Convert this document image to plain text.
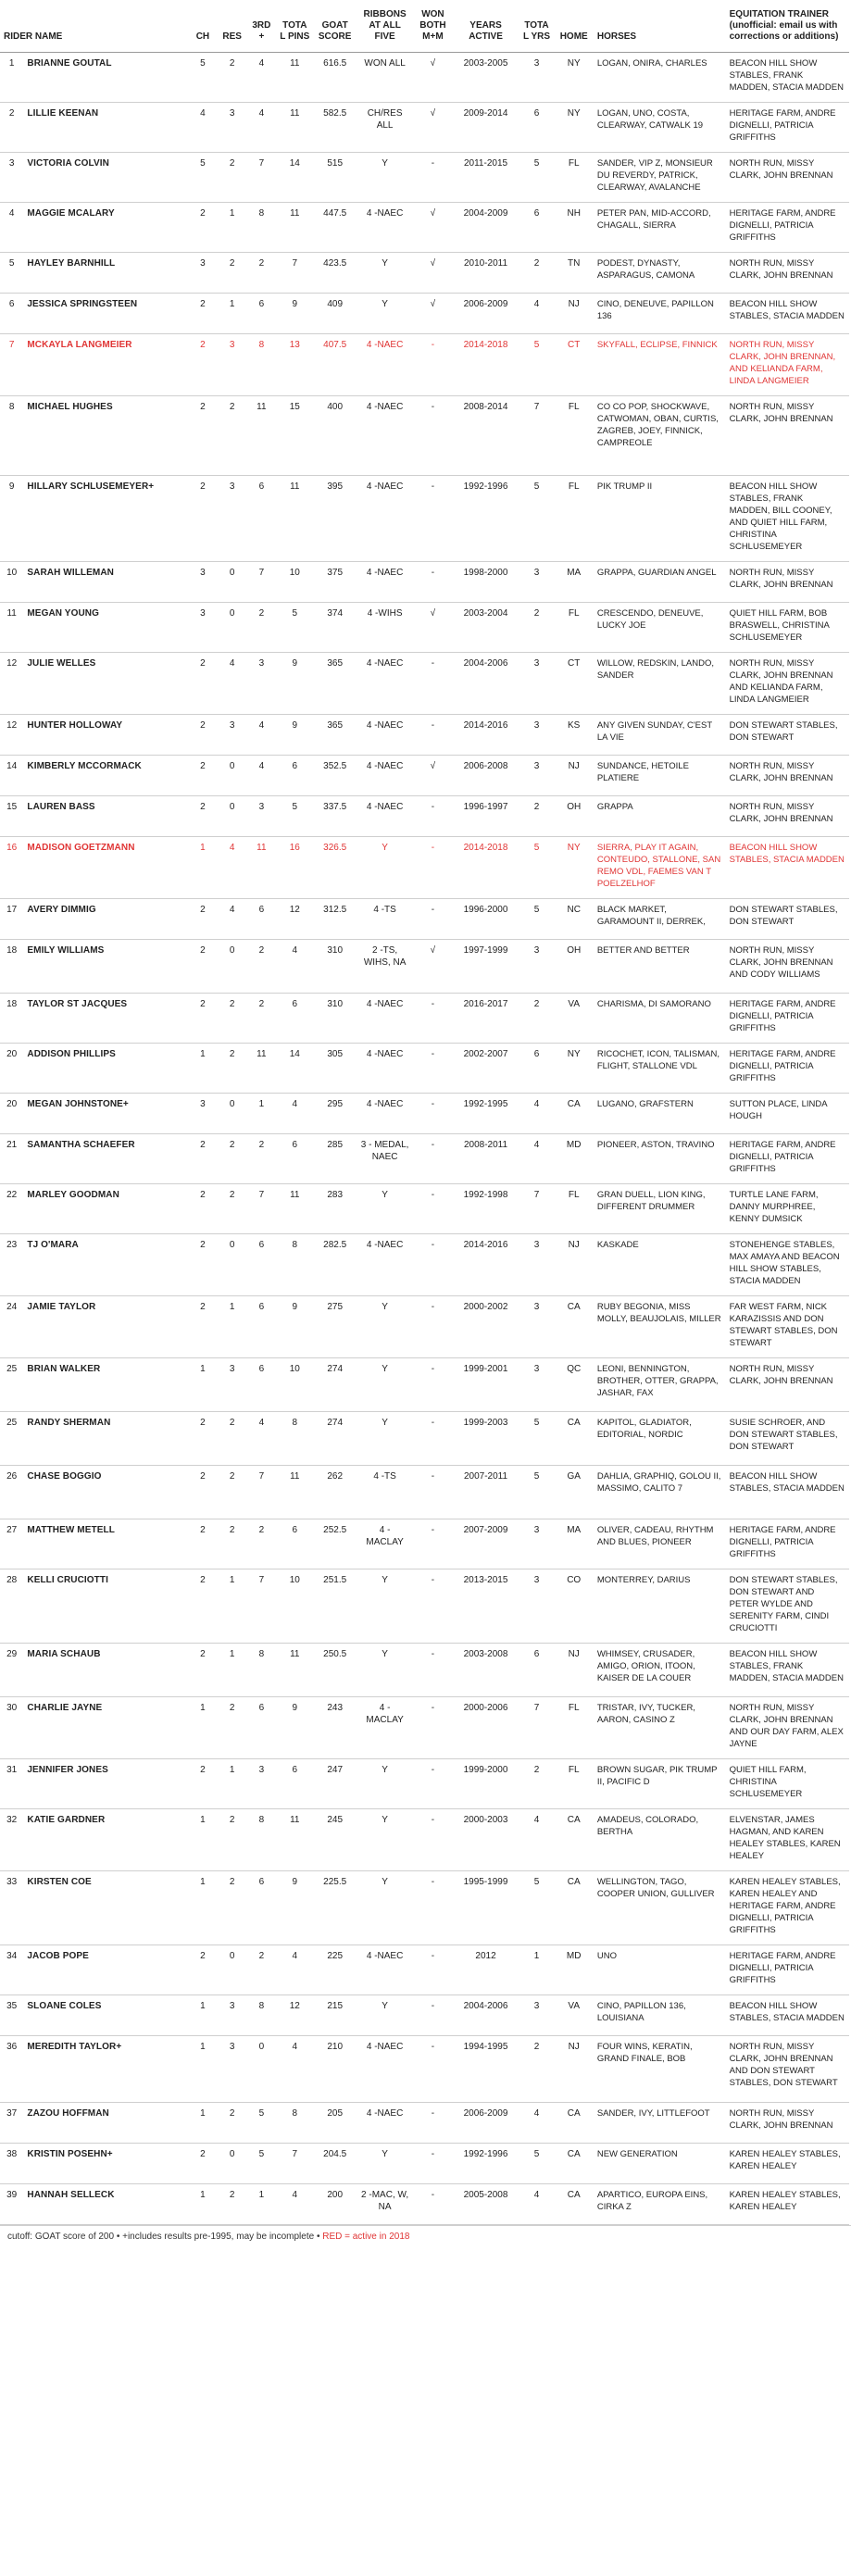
RIDER NAME		CH	RES	3RD +	TOTAL PINS	GOAT SCORE	RIBBONS AT ALL FIVE	WON BOTH M+M	YEARS ACTIVE	TOTAL YRS	HOME	HORSES	EQUITATION TRAINER (unofficial: email us with corrections or additions)
1	BRIANNE GOUTAL	5	2	4	11	616.5	WON ALL	√	2003-2005	3	NY	LOGAN, ONIRA, CHARLES	BEACON HILL SHOW STABLES, FRANK MADDEN, STACIA MADDEN
2	LILLIE KEENAN	4	3	4	11	582.5	CH/RES ALL	√	2009-2014	6	NY	LOGAN, UNO, COSTA, CLEARWAY, CATWALK 19	HERITAGE FARM, ANDRE DIGNELLI, PATRICIA GRIFFITHS
3	VICTORIA COLVIN	5	2	7	14	515	Y	-	2011-2015	5	FL	SANDER, VIP Z, MONSIEUR DU REVERDY, PATRICK, CLEARWAY, AVALANCHE	NORTH RUN, MISSY CLARK, JOHN BRENNAN
4	MAGGIE MCALARY	2	1	8	11	447.5	4 -NAEC	√	2004-2009	6	NH	PETER PAN, MID-ACCORD, CHAGALL, SIERRA	HERITAGE FARM, ANDRE DIGNELLI, PATRICIA GRIFFITHS
5	HAYLEY BARNHILL	3	2	2	7	423.5	Y	√	2010-2011	2	TN	PODEST, DYNASTY, ASPARAGUS, CAMONA	NORTH RUN, MISSY CLARK, JOHN BRENNAN
6	JESSICA SPRINGSTEEN	2	1	6	9	409	Y	√	2006-2009	4	NJ	CINO, DENEUVE, PAPILLON 136	BEACON HILL SHOW STABLES, STACIA MADDEN
7	MCKAYLA LANGMEIER	2	3	8	13	407.5	4 -NAEC	-	2014-2018	5	CT	SKYFALL, ECLIPSE, FINNICK	NORTH RUN, MISSY CLARK, JOHN BRENNAN, AND KELIANDA FARM, LINDA LANGMEIER
8	MICHAEL HUGHES	2	2	11	15	400	4 -NAEC	-	2008-2014	7	FL	CO CO POP, SHOCKWAVE, CATWOMAN, OBAN, CURTIS, ZAGREB, JOEY, FINNICK, CAMPREOLE	NORTH RUN, MISSY CLARK, JOHN BRENNAN
9	HILLARY SCHLUSEMEYER+	2	3	6	11	395	4 -NAEC	-	1992-1996	5	FL	PIK TRUMP II	BEACON HILL SHOW STABLES, FRANK MADDEN, BILL COONEY, AND QUIET HILL FARM, CHRISTINA SCHLUSEMEYER
10	SARAH WILLEMAN	3	0	7	10	375	4 -NAEC	-	1998-2000	3	MA	GRAPPA, GUARDIAN ANGEL	NORTH RUN, MISSY CLARK, JOHN BRENNAN
11	MEGAN YOUNG	3	0	2	5	374	4 -WIHS	√	2003-2004	2	FL	CRESCENDO, DENEUVE, LUCKY JOE	QUIET HILL FARM, BOB BRASWELL, CHRISTINA SCHLUSEMEYER
12	JULIE WELLES	2	4	3	9	365	4 -NAEC	-	2004-2006	3	CT	WILLOW, REDSKIN, LANDO, SANDER	NORTH RUN, MISSY CLARK, JOHN BRENNAN AND KELIANDA FARM, LINDA LANGMEIER
12	HUNTER HOLLOWAY	2	3	4	9	365	4 -NAEC	-	2014-2016	3	KS	ANY GIVEN SUNDAY, C'EST LA VIE	DON STEWART STABLES, DON STEWART
14	KIMBERLY MCCORMACK	2	0	4	6	352.5	4 -NAEC	√	2006-2008	3	NJ	SUNDANCE, HETOILE PLATIERE	NORTH RUN, MISSY CLARK, JOHN BRENNAN
15	LAUREN BASS	2	0	3	5	337.5	4 -NAEC	-	1996-1997	2	OH	GRAPPA	NORTH RUN, MISSY CLARK, JOHN BRENNAN
16	MADISON GOETZMANN	1	4	11	16	326.5	Y	-	2014-2018	5	NY	SIERRA, PLAY IT AGAIN, CONTEUDO, STALLONE, SAN REMO VDL, FAEMES VAN T POELZELHOF	BEACON HILL SHOW STABLES, STACIA MADDEN
17	AVERY DIMMIG	2	4	6	12	312.5	4 -TS	-	1996-2000	5	NC	BLACK MARKET, GARAMOUNT II, DERREK,	DON STEWART STABLES, DON STEWART
18	EMILY WILLIAMS	2	0	2	4	310	2 -TS, WIHS, NA	√	1997-1999	3	OH	BETTER AND BETTER	NORTH RUN, MISSY CLARK, JOHN BRENNAN AND CODY WILLIAMS
18	TAYLOR ST JACQUES	2	2	2	6	310	4 -NAEC	-	2016-2017	2	VA	CHARISMA, DI SAMORANO	HERITAGE FARM, ANDRE DIGNELLI, PATRICIA GRIFFITHS
20	ADDISON PHILLIPS	1	2	11	14	305	4 -NAEC	-	2002-2007	6	NY	RICOCHET, ICON, TALISMAN, FLIGHT, STALLONE VDL	HERITAGE FARM, ANDRE DIGNELLI, PATRICIA GRIFFITHS
20	MEGAN JOHNSTONE+	3	0	1	4	295	4 -NAEC	-	1992-1995	4	CA	LUGANO, GRAFSTERN	SUTTON PLACE, LINDA HOUGH
21	SAMANTHA SCHAEFER	2	2	2	6	285	3 - MEDAL, NAEC	-	2008-2011	4	MD	PIONEER, ASTON, TRAVINO	HERITAGE FARM, ANDRE DIGNELLI, PATRICIA GRIFFITHS
22	MARLEY GOODMAN	2	2	7	11	283	Y	-	1992-1998	7	FL	GRAN DUELL, LION KING, DIFFERENT DRUMMER	TURTLE LANE FARM, DANNY MURPHREE, KENNY DUMSICK
23	TJ O'MARA	2	0	6	8	282.5	4 -NAEC	-	2014-2016	3	NJ	KASKADE	STONEHENGE STABLES, MAX AMAYA AND BEACON HILL SHOW STABLES, STACIA MADDEN
24	JAMIE TAYLOR	2	1	6	9	275	Y	-	2000-2002	3	CA	RUBY BEGONIA, MISS MOLLY, BEAUJOLAIS, MILLER	FAR WEST FARM, NICK KARAZISSIS AND DON STEWART STABLES, DON STEWART
25	BRIAN WALKER	1	3	6	10	274	Y	-	1999-2001	3	QC	LEONI, BENNINGTON, BROTHER, OTTER, GRAPPA, JASHAR, FAX	NORTH RUN, MISSY CLARK, JOHN BRENNAN
25	RANDY SHERMAN	2	2	4	8	274	Y	-	1999-2003	5	CA	KAPITOL, GLADIATOR, EDITORIAL, NORDIC	SUSIE SCHROER, AND DON STEWART STABLES, DON STEWART
26	CHASE BOGGIO	2	2	7	11	262	4 -TS	-	2007-2011	5	GA	DAHLIA, GRAPHIQ, GOLOU II, MASSIMO, CALITO 7	BEACON HILL SHOW STABLES, STACIA MADDEN
27	MATTHEW METELL	2	2	2	6	252.5	4 - MACLAY	-	2007-2009	3	MA	OLIVER, CADEAU, RHYTHM AND BLUES, PIONEER	HERITAGE FARM, ANDRE DIGNELLI, PATRICIA GRIFFITHS
28	KELLI CRUCIOTTI	2	1	7	10	251.5	Y	-	2013-2015	3	CO	MONTERREY, DARIUS	DON STEWART STABLES, DON STEWART AND PETER WYLDE AND SERENITY FARM, CINDI CRUCIOTTI
29	MARIA SCHAUB	2	1	8	11	250.5	Y	-	2003-2008	6	NJ	WHIMSEY, CRUSADER, AMIGO, ORION, ITOON, KAISER DE LA COUER	BEACON HILL SHOW STABLES, FRANK MADDEN, STACIA MADDEN
30	CHARLIE JAYNE	1	2	6	9	243	4 - MACLAY	-	2000-2006	7	FL	TRISTAR, IVY, TUCKER, AARON, CASINO Z	NORTH RUN, MISSY CLARK, JOHN BRENNAN AND OUR DAY FARM, ALEX JAYNE
31	JENNIFER JONES	2	1	3	6	247	Y	-	1999-2000	2	FL	BROWN SUGAR, PIK TRUMP II, PACIFIC D	QUIET HILL FARM, CHRISTINA SCHLUSEMEYER
32	KATIE GARDNER	1	2	8	11	245	Y	-	2000-2003	4	CA	AMADEUS, COLORADO, BERTHA	ELVENSTAR, JAMES HAGMAN, AND KAREN HEALEY STABLES, KAREN HEALEY
33	KIRSTEN COE	1	2	6	9	225.5	Y	-	1995-1999	5	CA	WELLINGTON, TAGO, COOPER UNION, GULLIVER	KAREN HEALEY STABLES, KAREN HEALEY AND HERITAGE FARM, ANDRE DIGNELLI, PATRICIA GRIFFITHS
34	JACOB POPE	2	0	2	4	225	4 -NAEC	-	2012	1	MD	UNO	HERITAGE FARM, ANDRE DIGNELLI, PATRICIA GRIFFITHS
35	SLOANE COLES	1	3	8	12	215	Y	-	2004-2006	3	VA	CINO, PAPILLON 136, LOUISIANA	BEACON HILL SHOW STABLES, STACIA MADDEN
36	MEREDITH TAYLOR+	1	3	0	4	210	4 -NAEC	-	1994-1995	2	NJ	FOUR WINS, KERATIN, GRAND FINALE, BOB	NORTH RUN, MISSY CLARK, JOHN BRENNAN AND DON STEWART STABLES, DON STEWART
37	ZAZOU HOFFMAN	1	2	5	8	205	4 -NAEC	-	2006-2009	4	CA	SANDER, IVY, LITTLEFOOT	NORTH RUN, MISSY CLARK, JOHN BRENNAN
38	KRISTIN POSEHN+	2	0	5	7	204.5	Y	-	1992-1996	5	CA	NEW GENERATION	KAREN HEALEY STABLES, KAREN HEALEY
39	HANNAH SELLECK	1	2	1	4	200	2 -MAC, W, NA	-	2005-2008	4	CA	APARTICO, EUROPA EINS, CIRKA Z	KAREN HEALEY STABLES, KAREN HEALEY
cutoff: GOAT score of 200 • +includes results pre-1995, may be incomplete • RED = active in 2018
